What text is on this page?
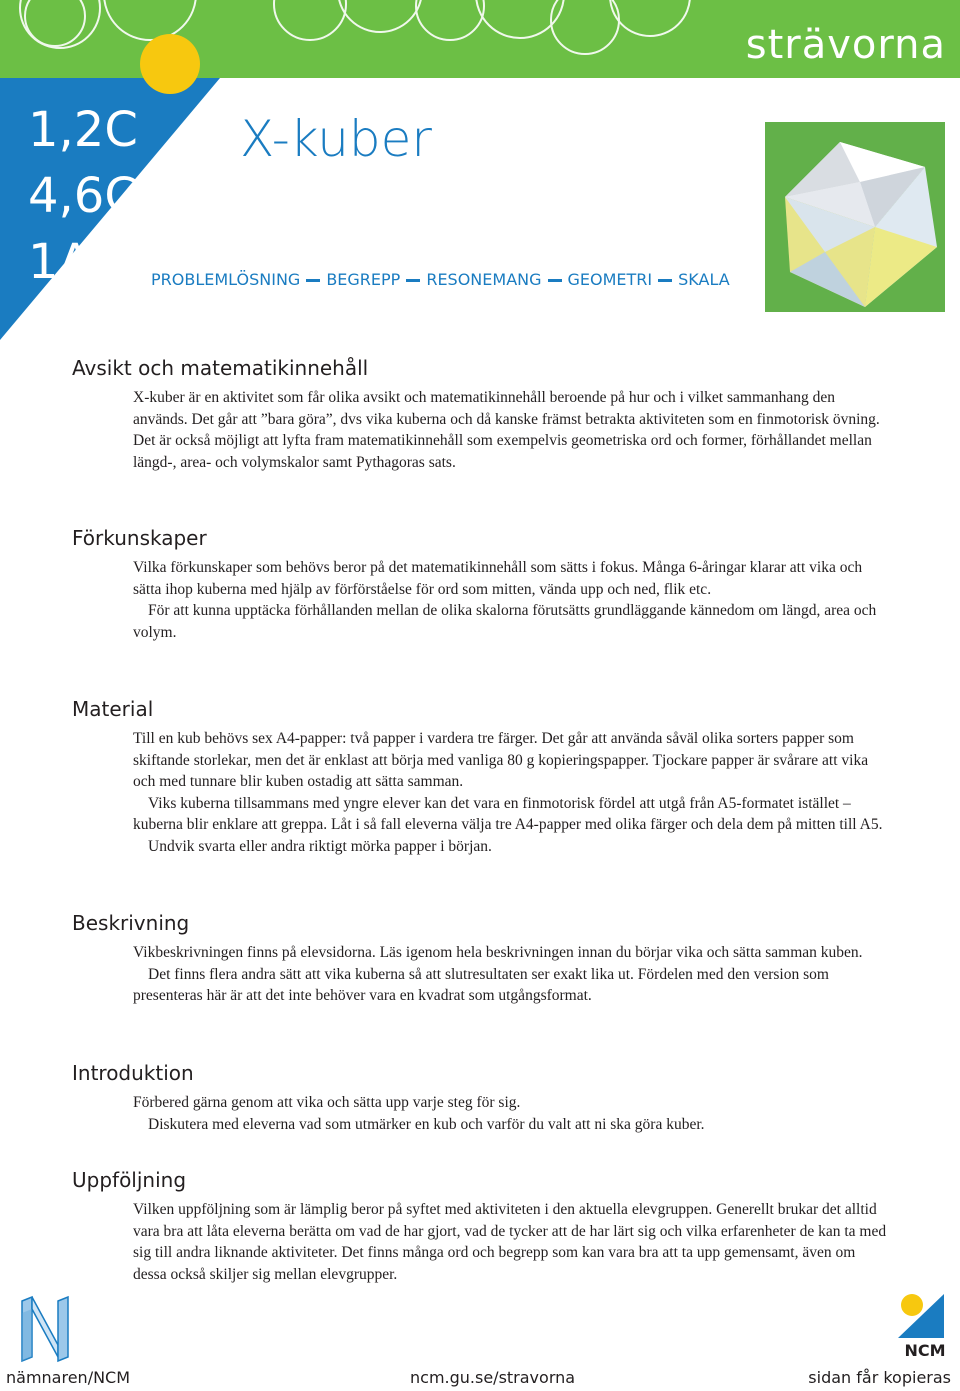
strävorna
1,2C
4,6C
1A
X-kuber
PROBLEMLÖSNING BEGREPP RESONEMANG GEOMETRI SKALA
Avsikt och matematikinnehåll

X-kuber är en aktivitet som får olika avsikt och matematikinnehåll beroende på hur och i vilket sammanhang den används. Det går att ”bara göra”, dvs vika kuberna och då kanske främst betrakta aktiviteten som en finmotorisk övning. Det är också möjligt att lyfta fram matematikinnehåll som exempelvis geometriska ord och former, förhållandet mellan längd-, area- och volymskalor samt Pythagoras sats.

Förkunskaper

Vilka förkunskaper som behövs beror på det matematikinnehåll som sätts i fokus. Många 6-åringar klarar att vika och sätta ihop kuberna med hjälp av förförståelse för ord som mitten, vända upp och ned, flik etc.

För att kunna upptäcka förhållanden mellan de olika skalorna förutsätts grundläggande kännedom om längd, area och volym.

Material

Till en kub behövs sex A4-papper: två papper i vardera tre färger. Det går att använda såväl olika sorters papper som skiftande storlekar, men det är enklast att börja med vanliga 80 g kopieringspapper. Tjockare papper är svårare att vika och med tunnare blir kuben ostadig att sätta samman.

Viks kuberna tillsammans med yngre elever kan det vara en finmotorisk fördel att utgå från A5-formatet istället – kuberna blir enklare att greppa. Låt i så fall eleverna välja tre A4-papper med olika färger och dela dem på mitten till A5.

Undvik svarta eller andra riktigt mörka papper i början.

Beskrivning

Vikbeskrivningen finns på elevsidorna. Läs igenom hela beskrivningen innan du börjar vika och sätta samman kuben.

Det finns flera andra sätt att vika kuberna så att slutresultaten ser exakt lika ut. Fördelen med den version som presenteras här är att det inte behöver vara en kvadrat som utgångsformat.

Introduktion

Förbered gärna genom att vika och sätta upp varje steg för sig.

Diskutera med eleverna vad som utmärker en kub och varför du valt att ni ska göra kuber.

Uppföljning

Vilken uppföljning som är lämplig beror på syftet med aktiviteten i den aktuella elevgruppen. Generellt brukar det alltid vara bra att låta eleverna berätta om vad de har gjort, vad de tycker att de har lärt sig och vilka erfarenheter de kan ta med sig till andra liknande aktiviteter. Det finns många ord och begrepp som kan vara bra att ta upp gemensamt, även om dessa också skiljer sig mellan elevgrupper.

NCM
nämnaren/NCM	ncm.gu.se/stravorna	sidan får kopieras
